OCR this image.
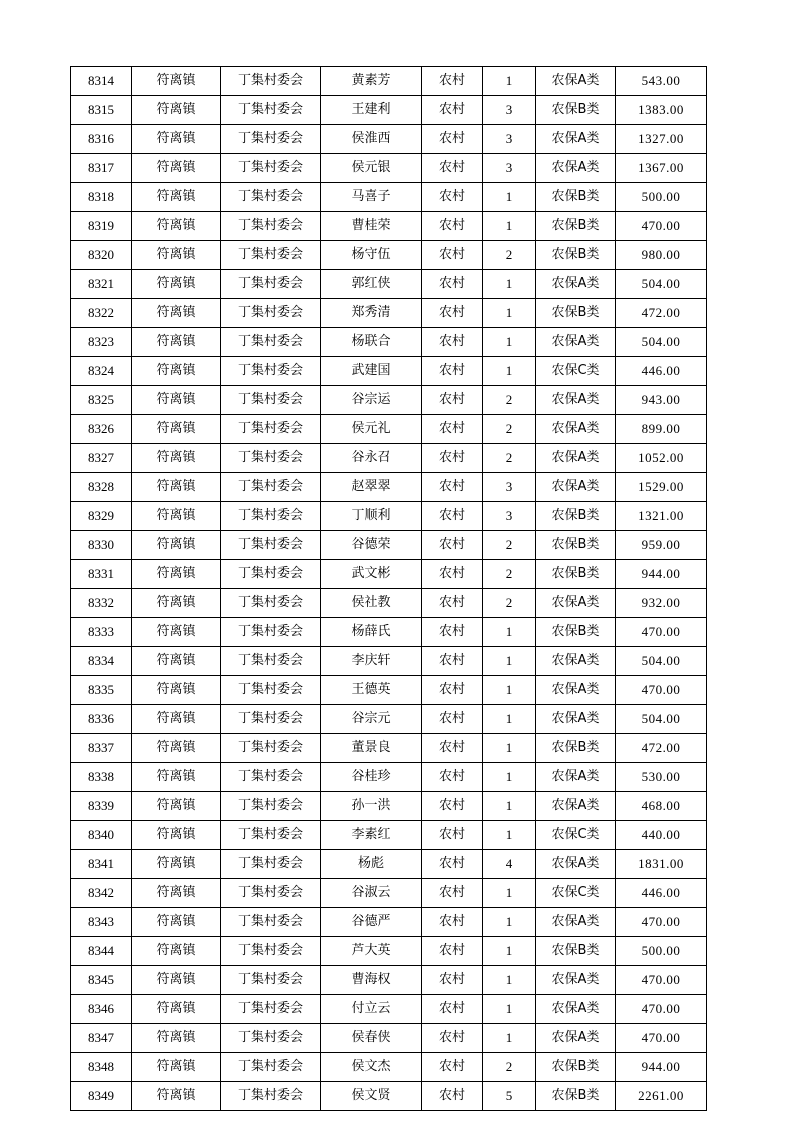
8314	符离镇	丁集村委会	黄素芳	农村	1	农保A类	543.00
8315	符离镇	丁集村委会	王建利	农村	3	农保B类	1383.00
8316	符离镇	丁集村委会	侯淮西	农村	3	农保A类	1327.00
8317	符离镇	丁集村委会	侯元银	农村	3	农保A类	1367.00
8318	符离镇	丁集村委会	马喜子	农村	1	农保B类	500.00
8319	符离镇	丁集村委会	曹桂荣	农村	1	农保B类	470.00
8320	符离镇	丁集村委会	杨守伍	农村	2	农保B类	980.00
8321	符离镇	丁集村委会	郭红侠	农村	1	农保A类	504.00
8322	符离镇	丁集村委会	郑秀清	农村	1	农保B类	472.00
8323	符离镇	丁集村委会	杨联合	农村	1	农保A类	504.00
8324	符离镇	丁集村委会	武建国	农村	1	农保C类	446.00
8325	符离镇	丁集村委会	谷宗运	农村	2	农保A类	943.00
8326	符离镇	丁集村委会	侯元礼	农村	2	农保A类	899.00
8327	符离镇	丁集村委会	谷永召	农村	2	农保A类	1052.00
8328	符离镇	丁集村委会	赵翠翠	农村	3	农保A类	1529.00
8329	符离镇	丁集村委会	丁顺利	农村	3	农保B类	1321.00
8330	符离镇	丁集村委会	谷德荣	农村	2	农保B类	959.00
8331	符离镇	丁集村委会	武文彬	农村	2	农保B类	944.00
8332	符离镇	丁集村委会	侯社教	农村	2	农保A类	932.00
8333	符离镇	丁集村委会	杨薛氏	农村	1	农保B类	470.00
8334	符离镇	丁集村委会	李庆轩	农村	1	农保A类	504.00
8335	符离镇	丁集村委会	王德英	农村	1	农保A类	470.00
8336	符离镇	丁集村委会	谷宗元	农村	1	农保A类	504.00
8337	符离镇	丁集村委会	董景良	农村	1	农保B类	472.00
8338	符离镇	丁集村委会	谷桂珍	农村	1	农保A类	530.00
8339	符离镇	丁集村委会	孙一洪	农村	1	农保A类	468.00
8340	符离镇	丁集村委会	李素红	农村	1	农保C类	440.00
8341	符离镇	丁集村委会	杨彪	农村	4	农保A类	1831.00
8342	符离镇	丁集村委会	谷淑云	农村	1	农保C类	446.00
8343	符离镇	丁集村委会	谷德严	农村	1	农保A类	470.00
8344	符离镇	丁集村委会	芦大英	农村	1	农保B类	500.00
8345	符离镇	丁集村委会	曹海权	农村	1	农保A类	470.00
8346	符离镇	丁集村委会	付立云	农村	1	农保A类	470.00
8347	符离镇	丁集村委会	侯春侠	农村	1	农保A类	470.00
8348	符离镇	丁集村委会	侯文杰	农村	2	农保B类	944.00
8349	符离镇	丁集村委会	侯文贤	农村	5	农保B类	2261.00
